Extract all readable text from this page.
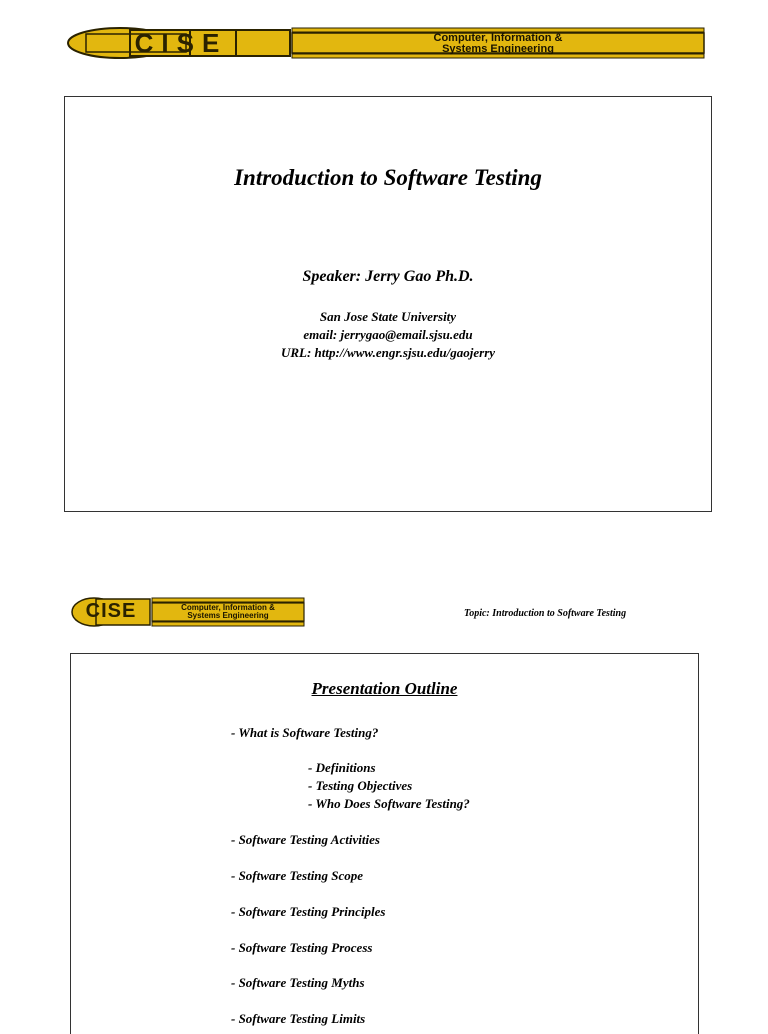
CISE	Computer, Information &
Systems Engineering
Introduction to Software Testing
Speaker: Jerry Gao Ph.D.
San Jose State University
email: jerrygao@email.sjsu.edu
URL: http://www.engr.sjsu.edu/gaojerry
CISE	Computer, Information &
Systems Engineering	Topic: Introduction to Software Testing
Presentation Outline
- What is Software Testing?
- Definitions
- Testing Objectives
- Who Does Software Testing?
- Software Testing Activities
- Software Testing Scope
- Software Testing Principles
- Software Testing Process
- Software Testing Myths
- Software Testing Limits
